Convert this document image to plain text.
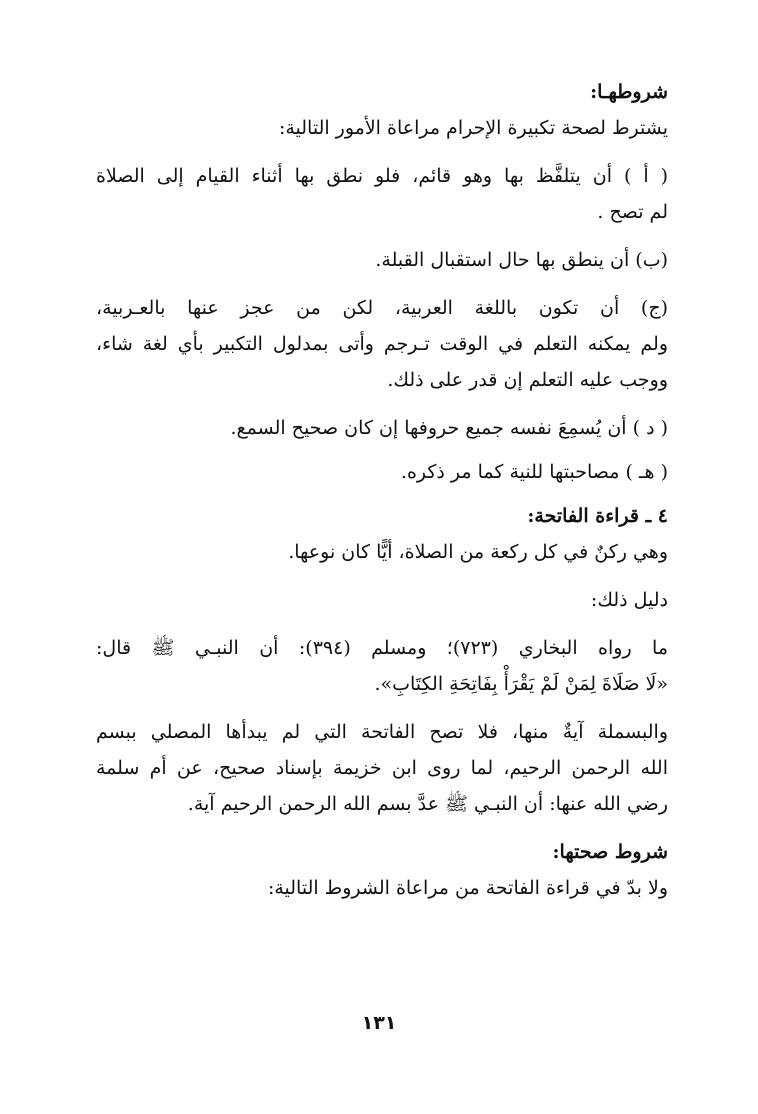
شروطهـا:
يشترط لصحة تكبيرة الإحرام مراعاة الأمور التالية:
( أ ) أن يتلفَّظ بها وهو قائم، فلو نطق بها أثناء القيام إلى الصلاة
لم تصح .
(ب) أن ينطق بها حال استقبال القبلة.
(ج) أن تكون باللغة العربية، لكن من عجز عنها بالعـربية،
ولم يمكنه التعلم في الوقت تـرجم وأتى بمدلول التكبير بأي لغة شاء،
ووجب عليه التعلم إن قدر على ذلك.
( د ) أن يُسمِعَ نفسه جميع حروفها إن كان صحيح السمع.
( هـ ) مصاحبتها للنية كما مر ذكره.
٤ ـ قراءة الفاتحة:
وهي ركنٌ في كل ركعة من الصلاة، أيًّا كان نوعها.
دليل ذلك:
ما رواه البخاري (٧٢٣)؛ ومسلم (٣٩٤): أن النبـي ﷺ قال:
«لَا صَلَاةَ لِمَنْ لَمْ يَقْرَأْ بِفَاتِحَةِ الكِتَابِ».
والبسملة آيةٌ منها، فلا تصح الفاتحة التي لم يبدأها المصلي ببسم
الله الرحمن الرحيم، لما روى ابن خزيمة بإسناد صحيح، عن أم سلمة
رضي الله عنها: أن النبـي ﷺ عدَّ بسم الله الرحمن الرحيم آية.
شروط صحتها:
ولا بدّ في قراءة الفاتحة من مراعاة الشروط التالية:
١٣١
